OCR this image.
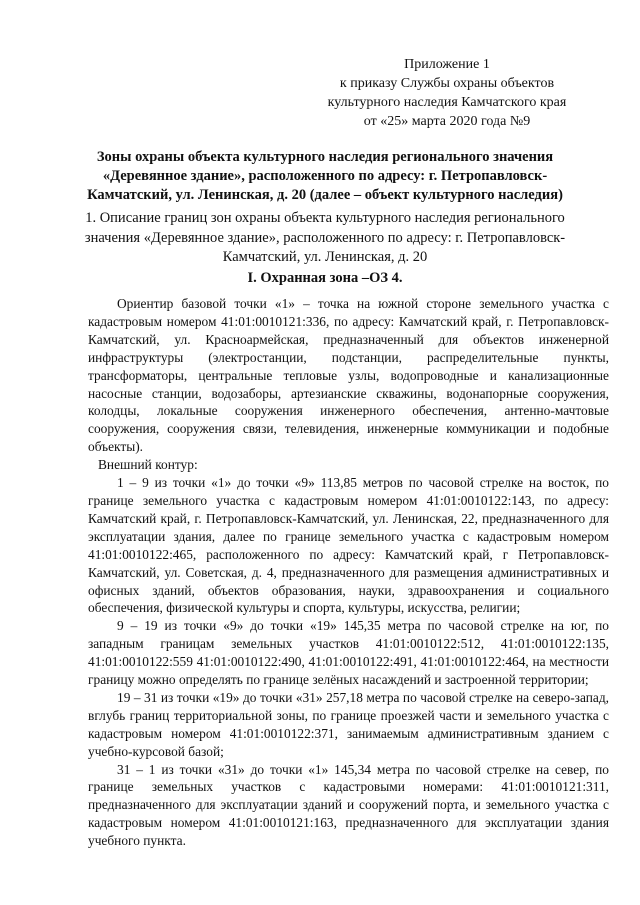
Приложение 1
к приказу Службы охраны объектов
культурного наследия Камчатского края
от «25» марта 2020 года №9
Зоны охраны объекта культурного наследия регионального значения «Деревянное здание», расположенного по адресу: г. Петропавловск-Камчатский, ул. Ленинская, д. 20 (далее – объект культурного наследия)
1. Описание границ зон охраны объекта культурного наследия регионального значения «Деревянное здание», расположенного по адресу: г. Петропавловск-Камчатский, ул. Ленинская, д. 20
I. Охранная зона –ОЗ 4.

Ориентир базовой точки «1» – точка на южной стороне земельного участка с кадастровым номером 41:01:0010121:336, по адресу: Камчатский край, г. Петропавловск-Камчатский, ул. Красноармейская, предназначенный для объектов инженерной инфраструктуры (электростанции, подстанции, распределительные пункты, трансформаторы, центральные тепловые узлы, водопроводные и канализационные насосные станции, водозаборы, артезианские скважины, водонапорные сооружения, колодцы, локальные сооружения инженерного обеспечения, антенно-мачтовые сооружения, сооружения связи, телевидения, инженерные коммуникации и подобные объекты).

Внешний контур:

1 – 9 из точки «1» до точки «9» 113,85 метров по часовой стрелке на восток, по границе земельного участка с кадастровым номером 41:01:0010122:143, по адресу: Камчатский край, г. Петропавловск-Камчатский, ул. Ленинская, 22, предназначенного для эксплуатации здания, далее по границе земельного участка с кадастровым номером 41:01:0010122:465, расположенного по адресу: Камчатский край, г Петропавловск-Камчатский, ул. Советская, д. 4, предназначенного для размещения административных и офисных зданий, объектов образования, науки, здравоохранения и социального обеспечения, физической культуры и спорта, культуры, искусства, религии;

9 – 19 из точки «9» до точки «19» 145,35 метра по часовой стрелке на юг, по западным границам земельных участков 41:01:0010122:512, 41:01:0010122:135, 41:01:0010122:559 41:01:0010122:490, 41:01:0010122:491, 41:01:0010122:464, на местности границу можно определять по границе зелёных насаждений и застроенной территории;

19 – 31 из точки «19» до точки «31» 257,18 метра по часовой стрелке на северо-запад, вглубь границ территориальной зоны, по границе проезжей части и земельного участка с кадастровым номером 41:01:0010122:371, занимаемым административным зданием с учебно-курсовой базой;

31 – 1 из точки «31» до точки «1» 145,34 метра по часовой стрелке на север, по границе земельных участков с кадастровыми номерами: 41:01:0010121:311, предназначенного для эксплуатации зданий и сооружений порта, и земельного участка с кадастровым номером 41:01:0010121:163, предназначенного для эксплуатации здания учебного пункта.
